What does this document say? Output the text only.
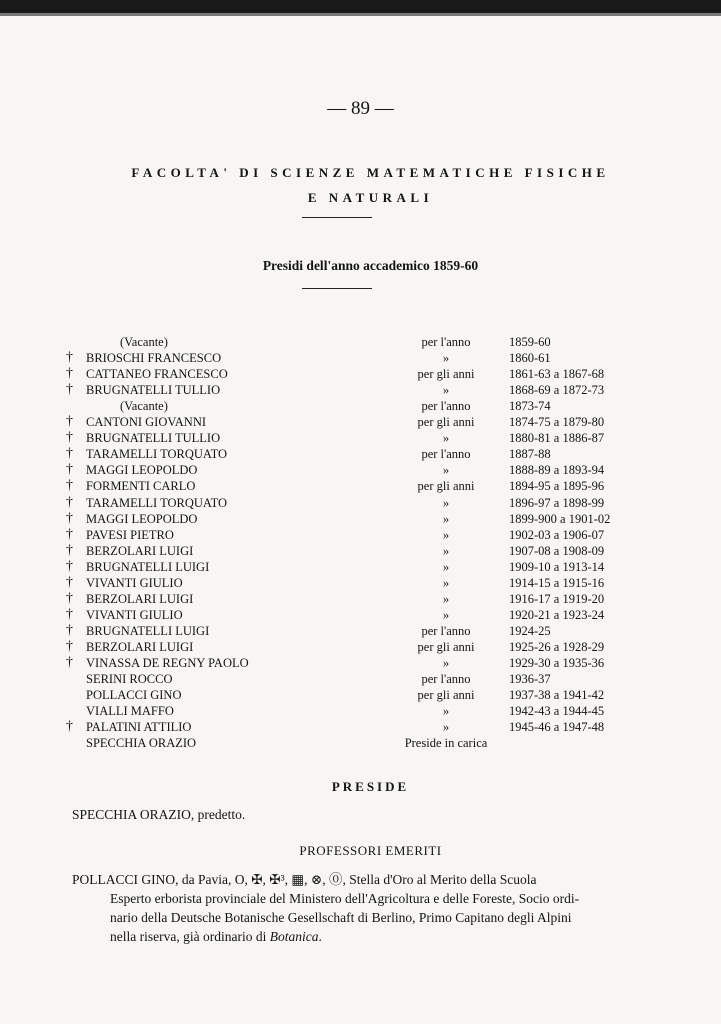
— 89 —
FACOLTA' DI SCIENZE MATEMATICHE FISICHE
E NATURALI
Presidi dell'anno accademico 1859-60
(Vacante)	per l'anno	1859-60
† BRIOSCHI FRANCESCO	»	1860-61
† CATTANEO FRANCESCO	per gli anni	1861-63 a 1867-68
† BRUGNATELLI TULLIO	»	1868-69 a 1872-73
(Vacante)	per l'anno	1873-74
† CANTONI GIOVANNI	per gli anni	1874-75 a 1879-80
† BRUGNATELLI TULLIO	»	1880-81 a 1886-87
† TARAMELLI TORQUATO	per l'anno	1887-88
† MAGGI LEOPOLDO	»	1888-89 a 1893-94
† FORMENTI CARLO	per gli anni	1894-95 a 1895-96
† TARAMELLI TORQUATO	»	1896-97 a 1898-99
† MAGGI LEOPOLDO	»	1899-900 a 1901-02
† PAVESI PIETRO	»	1902-03 a 1906-07
† BERZOLARI LUIGI	»	1907-08 a 1908-09
† BRUGNATELLI LUIGI	»	1909-10 a 1913-14
† VIVANTI GIULIO	»	1914-15 a 1915-16
† BERZOLARI LUIGI	»	1916-17 a 1919-20
† VIVANTI GIULIO	»	1920-21 a 1923-24
† BRUGNATELLI LUIGI	per l'anno	1924-25
† BERZOLARI LUIGI	per gli anni	1925-26 a 1928-29
† VINASSA DE REGNY PAOLO	»	1929-30 a 1935-36
SERINI ROCCO	per l'anno	1936-37
POLLACCI GINO	per gli anni	1937-38 a 1941-42
VIALLI MAFFO	»	1942-43 a 1944-45
† PALATINI ATTILIO	»	1945-46 a 1947-48
SPECCHIA ORAZIO	Preside in carica
PRESIDE
SPECCHIA ORAZIO, predetto.
PROFESSORI EMERITI
POLLACCI GINO, da Pavia, O, ✠, ✠³, ▦, ⊗, ⓪, Stella d'Oro al Merito della Scuola
Esperto erborista provinciale del Ministero dell'Agricoltura e delle Foreste, Socio ordi-
nario della Deutsche Botanische Gesellschaft di Berlino, Primo Capitano degli Alpini
nella riserva, già ordinario di Botanica.
